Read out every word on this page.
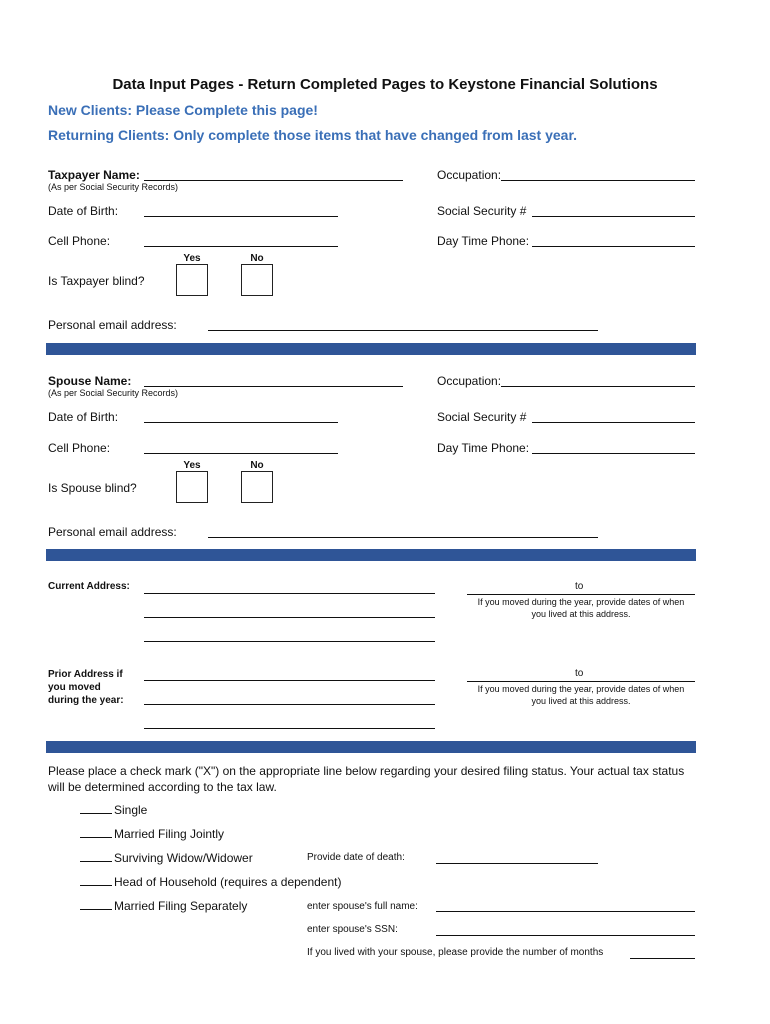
Data Input Pages - Return Completed Pages to Keystone Financial Solutions
New Clients: Please Complete this page!
Returning Clients: Only complete those items that have changed from last year.
Taxpayer Name:
(As per Social Security Records)
Occupation:
Date of Birth:	Social Security #
Cell Phone:	Day Time Phone:
Yes	No
Is Taxpayer blind?
Personal email address:
Spouse Name:
(As per Social Security Records)
Occupation:
Date of Birth:	Social Security #
Cell Phone:	Day Time Phone:
Yes	No
Is Spouse blind?
Personal email address:
Current Address:	to
If you moved during the year, provide dates of when
you lived at this address.
Prior Address if
you moved
during the year:
to
If you moved during the year, provide dates of when
you lived at this address.
Please place a check mark ("X") on the appropriate line below regarding your desired filing status. Your actual tax status
will be determined according to the tax law.
Single
Married Filing Jointly
Surviving Widow/Widower	Provide date of death:
Head of Household (requires a dependent)
Married Filing Separately	enter spouse's full name:
enter spouse's SSN:
If you lived with your spouse, please provide the number of months
